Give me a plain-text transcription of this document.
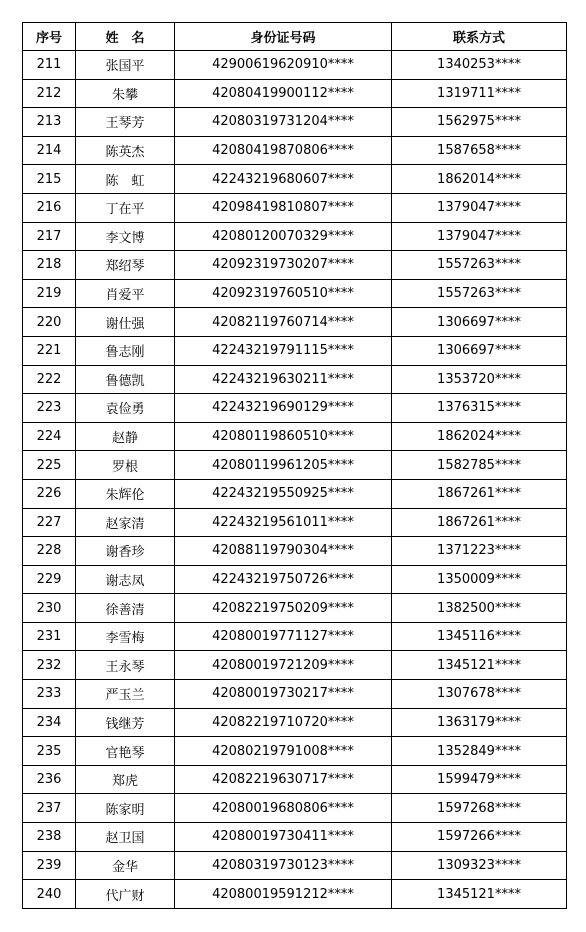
序号	姓　名	身份证号码	联系方式
211	张国平	42900619620910****	1340253****
212	朱攀	42080419900112****	1319711****
213	王琴芳	42080319731204****	1562975****
214	陈英杰	42080419870806****	1587658****
215	陈　虹	42243219680607****	1862014****
216	丁在平	42098419810807****	1379047****
217	李文博	42080120070329****	1379047****
218	郑绍琴	42092319730207****	1557263****
219	肖爱平	42092319760510****	1557263****
220	谢仕强	42082119760714****	1306697****
221	鲁志刚	42243219791115****	1306697****
222	鲁德凯	42243219630211****	1353720****
223	袁俭勇	42243219690129****	1376315****
224	赵静	42080119860510****	1862024****
225	罗根	42080119961205****	1582785****
226	朱辉伦	42243219550925****	1867261****
227	赵家清	42243219561011****	1867261****
228	谢香珍	42088119790304****	1371223****
229	谢志凤	42243219750726****	1350009****
230	徐善清	42082219750209****	1382500****
231	李雪梅	42080019771127****	1345116****
232	王永琴	42080019721209****	1345121****
233	严玉兰	42080019730217****	1307678****
234	钱继芳	42082219710720****	1363179****
235	官艳琴	42080219791008****	1352849****
236	郑虎	42082219630717****	1599479****
237	陈家明	42080019680806****	1597268****
238	赵卫国	42080019730411****	1597266****
239	金华	42080319730123****	1309323****
240	代广财	42080019591212****	1345121****
